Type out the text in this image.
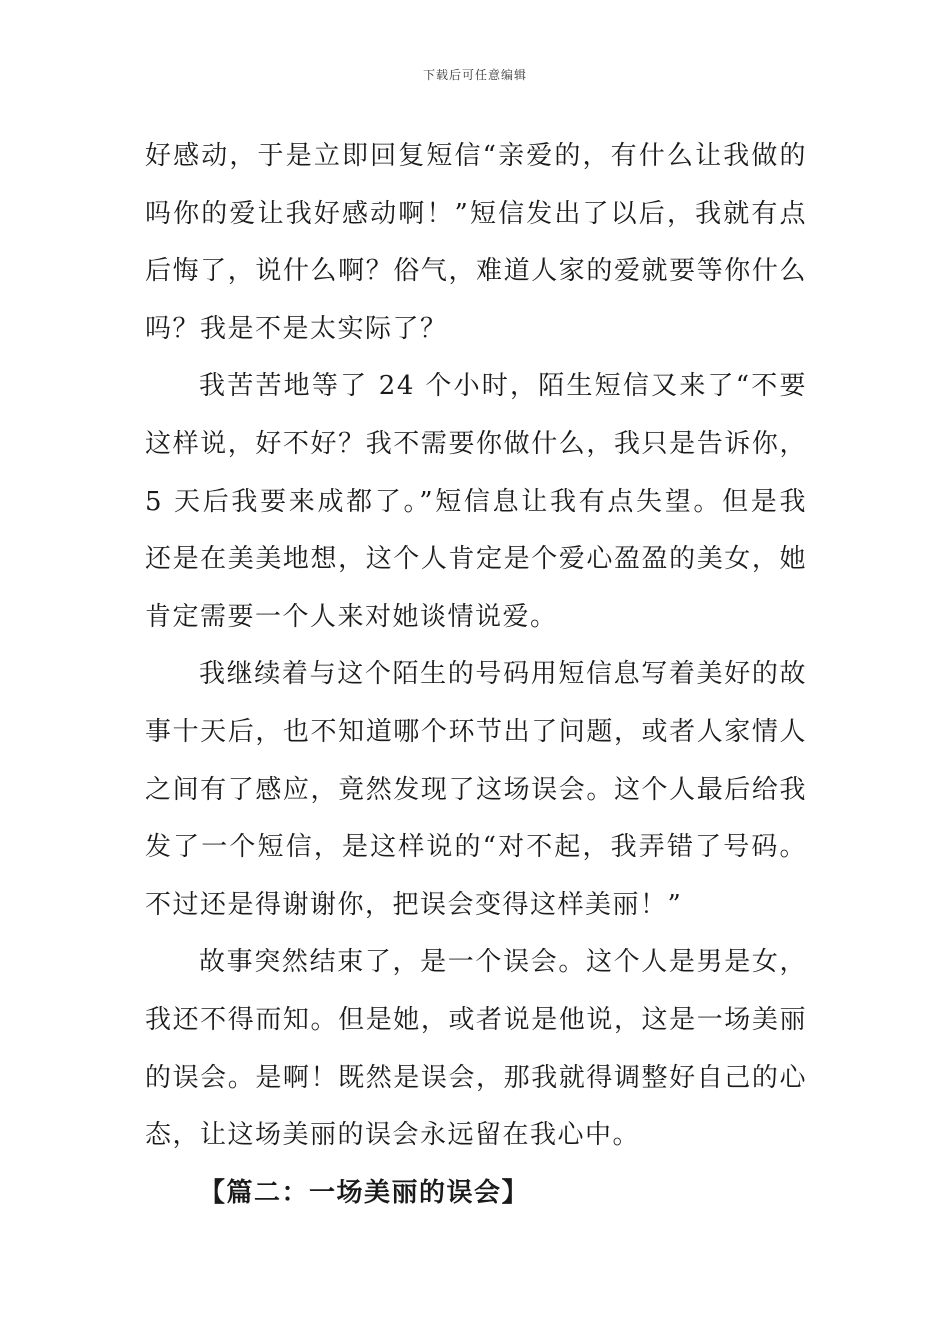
下载后可任意编辑

好感动，于是立即回复短信“亲爱的，有什么让我做的吗你的爱让我好感动啊！”短信发出了以后，我就有点后悔了，说什么啊？俗气，难道人家的爱就要等你什么吗？我是不是太实际了？

我苦苦地等了 24 个小时，陌生短信又来了“不要这样说，好不好？我不需要你做什么，我只是告诉你，5 天后我要来成都了。”短信息让我有点失望。但是我还是在美美地想，这个人肯定是个爱心盈盈的美女，她肯定需要一个人来对她谈情说爱。

我继续着与这个陌生的号码用短信息写着美好的故事十天后，也不知道哪个环节出了问题，或者人家情人之间有了感应，竟然发现了这场误会。这个人最后给我发了一个短信，是这样说的“对不起，我弄错了号码。不过还是得谢谢你，把误会变得这样美丽！”

故事突然结束了，是一个误会。这个人是男是女，我还不得而知。但是她，或者说是他说，这是一场美丽的误会。是啊！既然是误会，那我就得调整好自己的心态，让这场美丽的误会永远留在我心中。

【篇二：一场美丽的误会】
